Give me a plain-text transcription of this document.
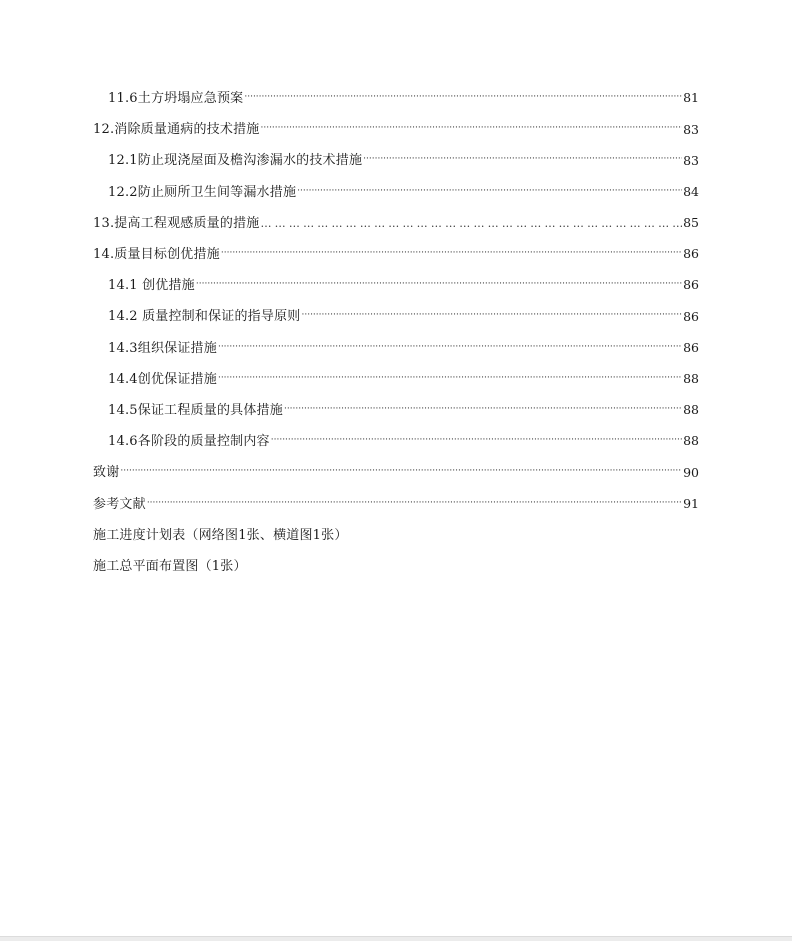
11.6土方坍塌应急预案 ·····	81
12.消除质量通病的技术措施 ·····	83
12.1防止现浇屋面及檐沟渗漏水的技术措施 ·····	83
12.2防止厕所卫生间等漏水措施 ·····	84
13.提高工程观感质量的措施 …………………………………………………………………………………………………………………………………………………………………………	85
14.质量目标创优措施 ·····	86
14.1 创优措施 ·····	86
14.2 质量控制和保证的指导原则 ·····	86
14.3组织保证措施 ·····	86
14.4创优保证措施 ·····	88
14.5保证工程质量的具体措施 ·····	88
14.6各阶段的质量控制内容 ·····	88
致谢 ·····	90
参考文献 ·····	91
施工进度计划表（网络图1张、横道图1张）
施工总平面布置图（1张）
